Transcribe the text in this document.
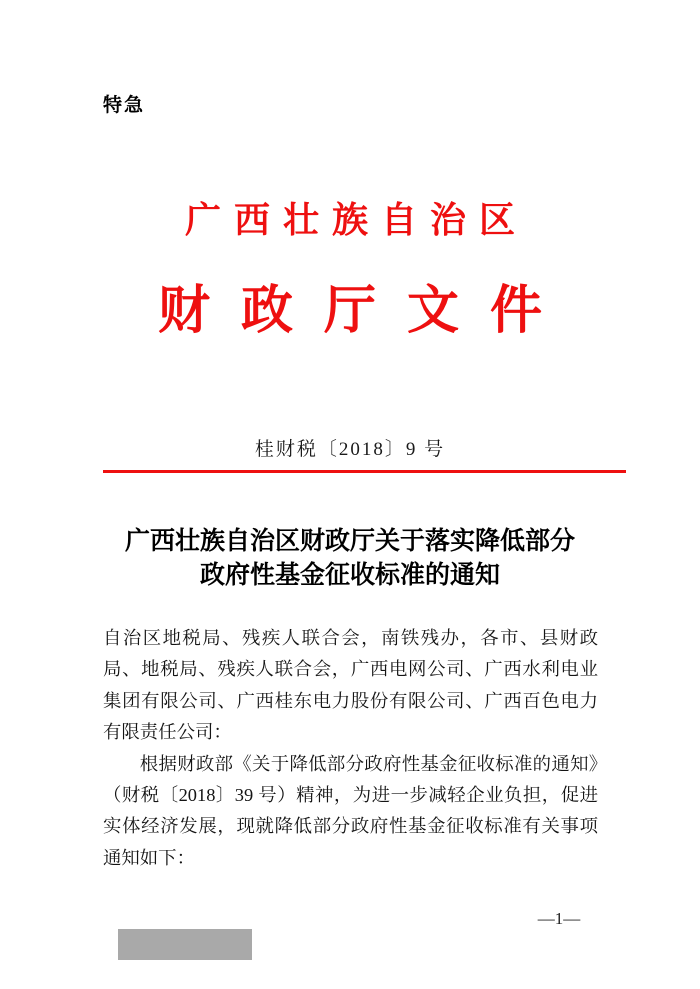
特急
广西壮族自治区
财政厅文件
桂财税〔2018〕9 号
广西壮族自治区财政厅关于落实降低部分
政府性基金征收标准的通知

自治区地税局、残疾人联合会，南铁残办，各市、县财政局、地税局、残疾人联合会，广西电网公司、广西水利电业集团有限公司、广西桂东电力股份有限公司、广西百色电力有限责任公司：

根据财政部《关于降低部分政府性基金征收标准的通知》（财税〔2018〕39 号）精神，为进一步减轻企业负担，促进实体经济发展，现就降低部分政府性基金征收标准有关事项通知如下：

—1—
